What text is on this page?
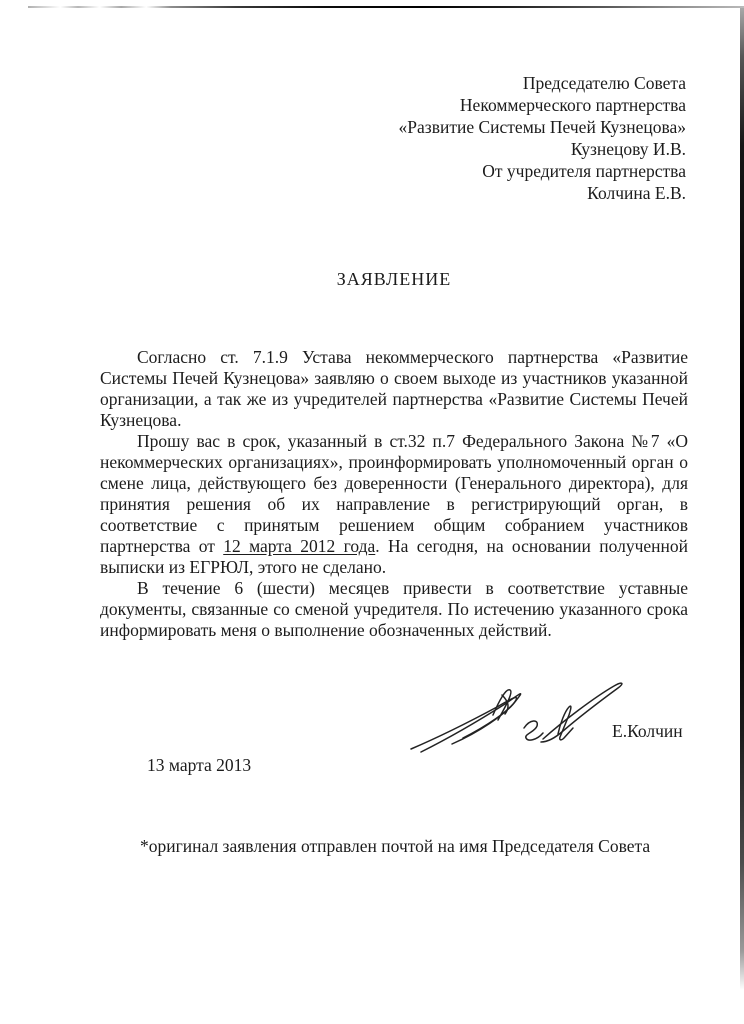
Председателю Совета
Некоммерческого партнерства
«Развитие Системы Печей Кузнецова»
Кузнецову И.В.
От учредителя партнерства
Колчина Е.В.
ЗАЯВЛЕНИЕ

Согласно ст. 7.1.9 Устава некоммерческого партнерства «Развитие Системы Печей Кузнецова» заявляю о своем выходе из участников указанной организации, а так же из учредителей партнерства «Развитие Системы Печей Кузнецова.

Прошу вас в срок, указанный в ст.32 п.7 Федерального Закона №7 «О некоммерческих организациях», проинформировать уполномоченный орган о смене лица, действующего без доверенности (Генерального директора), для принятия решения об их направление в регистрирующий орган, в соответствие с принятым решением общим собранием участников партнерства от 12 марта 2012 года. На сегодня, на основании полученной выписки из ЕГРЮЛ, этого не сделано.

В течение 6 (шести) месяцев привести в соответствие уставные документы, связанные со сменой учредителя. По истечению указанного срока информировать меня о выполнение обозначенных действий.

Е.Колчин
13 марта 2013
*оригинал заявления отправлен почтой на имя Председателя Совета
